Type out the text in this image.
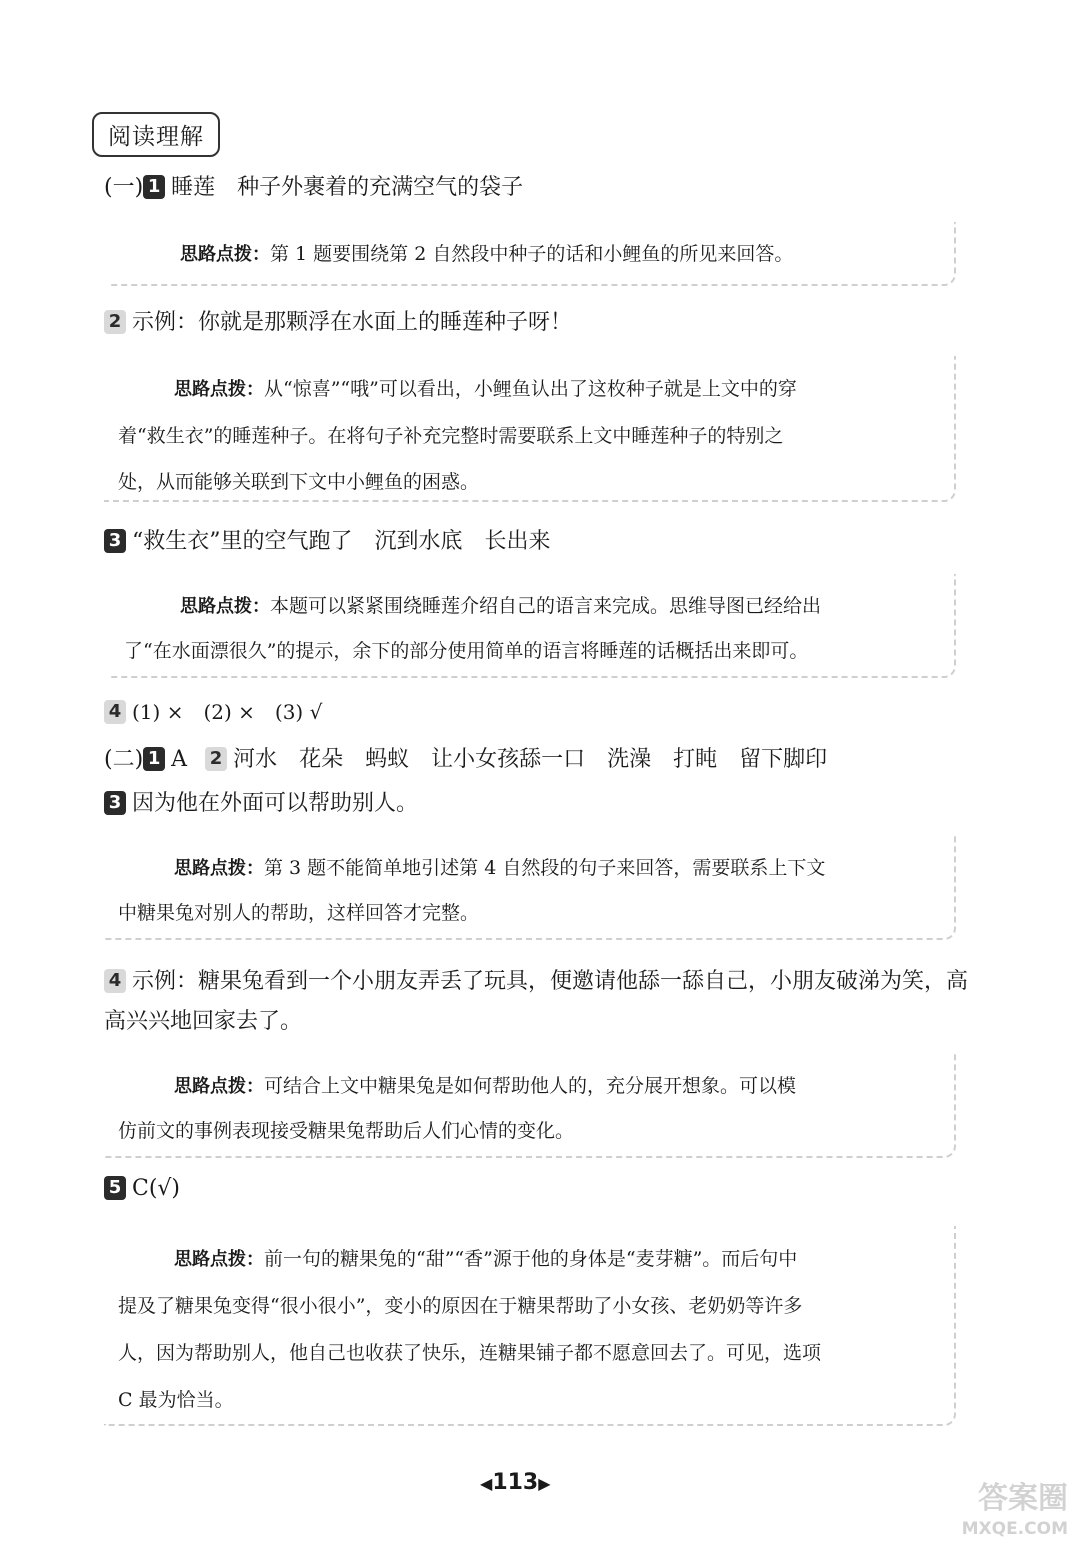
阅读理解
(一) 1 睡莲　种子外裹着的充满空气的袋子
思路点拨：第 1 题要围绕第 2 自然段中种子的话和小鲤鱼的所见来回答。
2 示例：你就是那颗浮在水面上的睡莲种子呀！
思路点拨：从“惊喜”“哦”可以看出，小鲤鱼认出了这枚种子就是上文中的穿
着“救生衣”的睡莲种子。在将句子补充完整时需要联系上文中睡莲种子的特别之
处，从而能够关联到下文中小鲤鱼的困惑。
3 “救生衣”里的空气跑了　沉到水底　长出来
思路点拨：本题可以紧紧围绕睡莲介绍自己的语言来完成。思维导图已经给出
了“在水面漂很久”的提示，余下的部分使用简单的语言将睡莲的话概括出来即可。
4 (1) ×　(2) ×　(3) √
(二) 1 A 2 河水　花朵　蚂蚁　让小女孩舔一口　洗澡　打盹　留下脚印
3 因为他在外面可以帮助别人。
思路点拨：第 3 题不能简单地引述第 4 自然段的句子来回答，需要联系上下文
中糖果兔对别人的帮助，这样回答才完整。
4 示例：糖果兔看到一个小朋友弄丢了玩具，便邀请他舔一舔自己，小朋友破涕为笑，高
高兴兴地回家去了。
思路点拨：可结合上文中糖果兔是如何帮助他人的，充分展开想象。可以模
仿前文的事例表现接受糖果兔帮助后人们心情的变化。
5 C(√)
思路点拨：前一句的糖果兔的“甜”“香”源于他的身体是“麦芽糖”。而后句中
提及了糖果兔变得“很小很小”，变小的原因在于糖果帮助了小女孩、老奶奶等许多
人，因为帮助别人，他自己也收获了快乐，连糖果铺子都不愿意回去了。可见，选项
C 最为恰当。
◀113▶	答案圈
MXQE.COM
